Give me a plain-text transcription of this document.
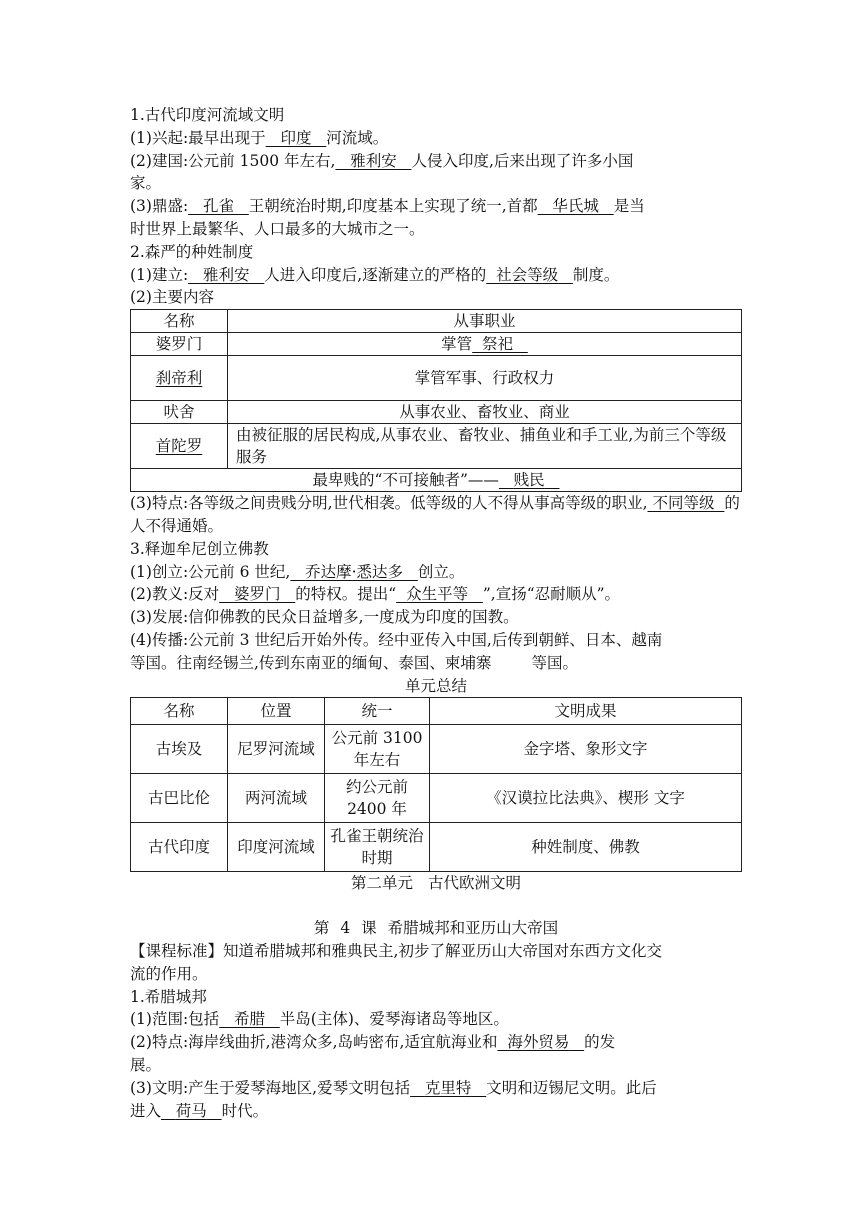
1.古代印度河流域文明
(1)兴起:最早出现于 印度 河流域。
(2)建国:公元前 1500 年左右, 雅利安 人侵入印度,后来出现了许多小国
家。
(3)鼎盛: 孔雀 王朝统治时期,印度基本上实现了统一,首都 华氏城 是当
时世界上最繁华、人口最多的大城市之一。
2.森严的种姓制度
(1)建立: 雅利安 人进入印度后,逐渐建立的严格的 社会等级 制度。
(2)主要内容
名称	从事职业
婆罗门	掌管 祭祀
刹帝利	掌管军事、行政权力
吠舍	从事农业、畜牧业、商业
首陀罗	由被征服的居民构成,从事农业、畜牧业、捕鱼业和手工业,为前三个等级服务
最卑贱的“不可接触者”—— 贱民	
(3)特点:各等级之间贵贱分明,世代相袭。低等级的人不得从事高等级的职业, 不同等级 的人不得通婚。
3.释迦牟尼创立佛教
(1)创立:公元前 6 世纪, 乔达摩·悉达多 创立。
(2)教义:反对 婆罗门 的特权。提出“ 众生平等 ”,宣扬“忍耐顺从”。
(3)发展:信仰佛教的民众日益增多,一度成为印度的国教。
(4)传播:公元前 3 世纪后开始外传。经中亚传入中国,后传到朝鲜、日本、越南
等国。往南经锡兰,传到东南亚的缅甸、泰国、柬埔寨	等国。
单元总结
名称	位置	统一	文明成果
古埃及	尼罗河流域	公元前 3100 年左右	金字塔、象形文字
古巴比伦	两河流域	约公元前 2400 年	《汉谟拉比法典》、楔形 文字
古代印度	印度河流域	孔雀王朝统治时期	种姓制度、佛教
第二单元 古代欧洲文明
第 4 课 希腊城邦和亚历山大帝国
【课程标准】知道希腊城邦和雅典民主,初步了解亚历山大帝国对东西方文化交
流的作用。
1.希腊城邦
(1)范围:包括 希腊 半岛(主体)、爱琴海诸岛等地区。
(2)特点:海岸线曲折,港湾众多,岛屿密布,适宜航海业和 海外贸易 的发
展。
(3)文明:产生于爱琴海地区,爱琴文明包括 克里特 文明和迈锡尼文明。此后
进入 荷马 时代。
